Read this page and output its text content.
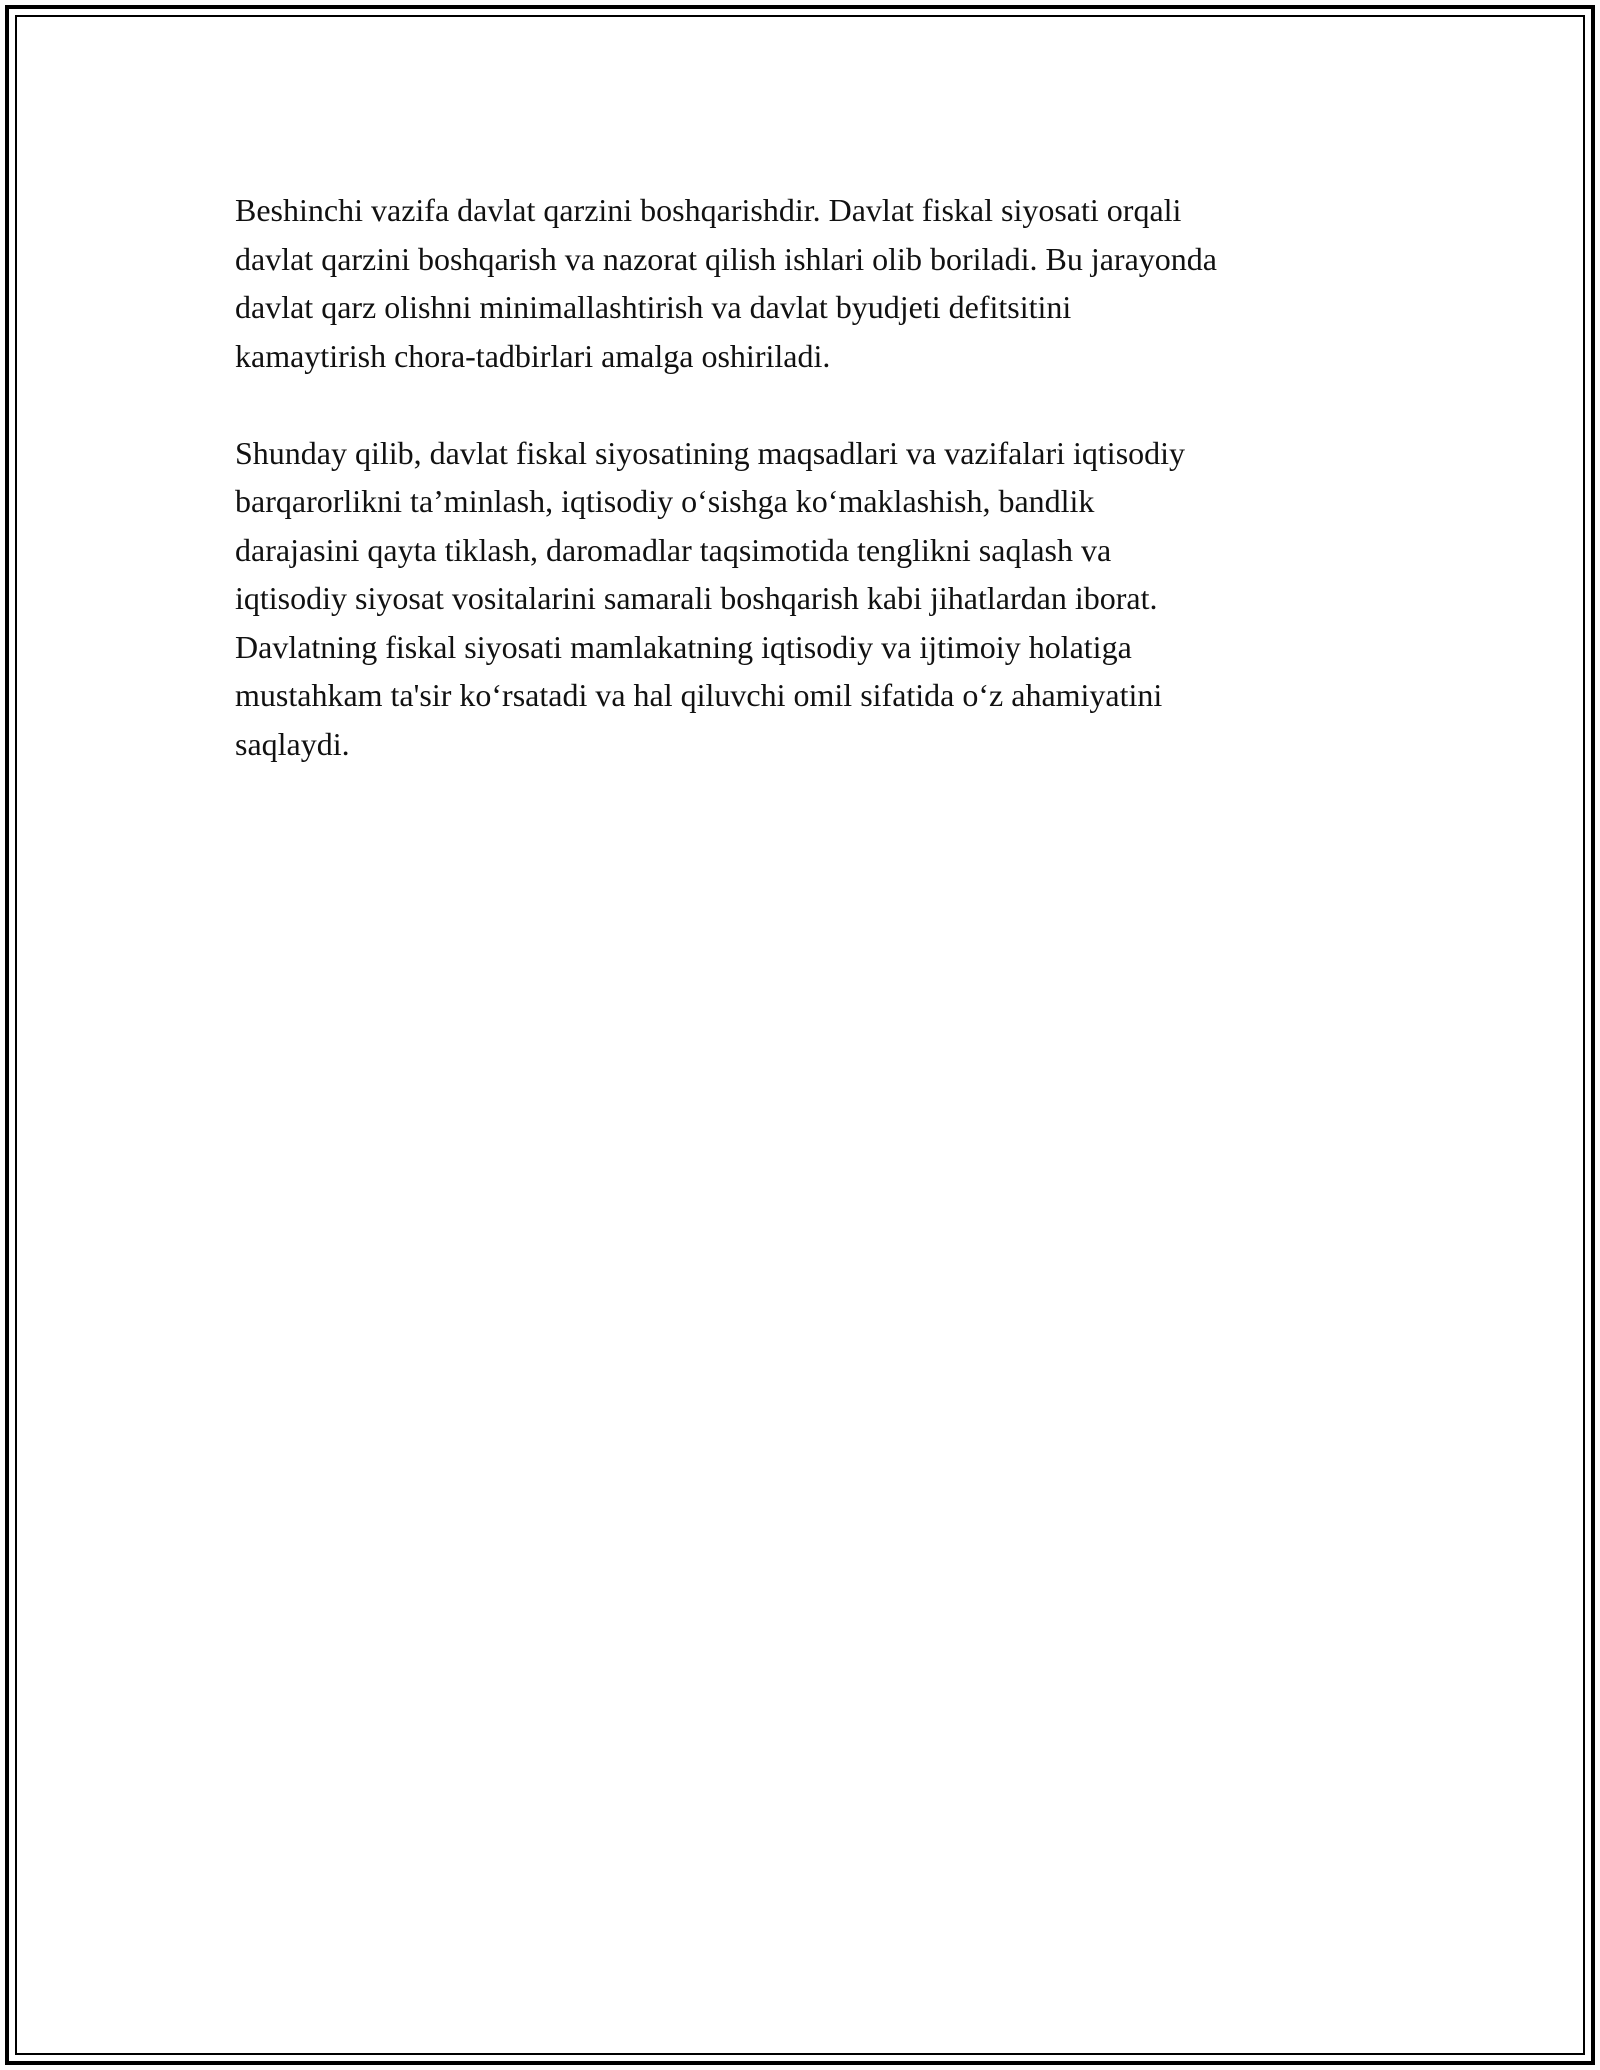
Beshinchi vazifa davlat qarzini boshqarishdir. Davlat fiskal siyosati orqali
davlat qarzini boshqarish va nazorat qilish ishlari olib boriladi. Bu jarayonda
davlat qarz olishni minimallashtirish va davlat byudjeti defitsitini
kamaytirish chora-tadbirlari amalga oshiriladi.

Shunday qilib, davlat fiskal siyosatining maqsadlari va vazifalari iqtisodiy
barqarorlikni ta’minlash, iqtisodiy o‘sishga ko‘maklashish, bandlik
darajasini qayta tiklash, daromadlar taqsimotida tenglikni saqlash va
iqtisodiy siyosat vositalarini samarali boshqarish kabi jihatlardan iborat.
Davlatning fiskal siyosati mamlakatning iqtisodiy va ijtimoiy holatiga
mustahkam ta'sir ko‘rsatadi va hal qiluvchi omil sifatida o‘z ahamiyatini
saqlaydi.
